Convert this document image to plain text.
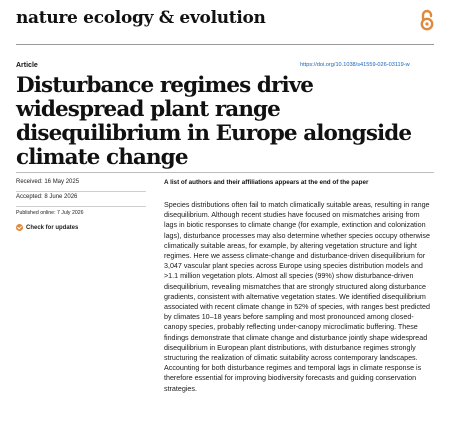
nature ecology & evolution
Article	https://doi.org/10.1038/s41559-026-03119-w
Disturbance regimes drive widespread plant range disequilibrium in Europe alongside climate change
Received: 16 May 2025
Accepted: 8 June 2026
Published online: 7 July 2026
Check for updates
A list of authors and their affiliations appears at the end of the paper

Species distributions often fail to match climatically suitable areas, resulting in range disequilibrium. Although recent studies have focused on mismatches arising from lags in biotic responses to climate change (for example, extinction and colonization lags), disturbance processes may also determine whether species occupy otherwise climatically suitable areas, for example, by altering vegetation structure and light regimes. Here we assess climate-change and disturbance-driven disequilibrium for 3,047 vascular plant species across Europe using species distribution models and >1.1 million vegetation plots. Almost all species (99%) show disturbance-driven disequilibrium, revealing mismatches that are strongly structured along disturbance gradients, consistent with alternative vegetation states. We identified disequilibrium associated with recent climate change in 52% of species, with ranges best predicted by climates 10–18 years before sampling and most pronounced among closed-canopy species, probably reflecting under-canopy microclimatic buffering. These findings demonstrate that climate change and disturbance jointly shape widespread disequilibrium in European plant distributions, with disturbance regimes strongly structuring the realization of climatic suitability across contemporary landscapes. Accounting for both disturbance regimes and temporal lags in climate response is therefore essential for improving biodiversity forecasts and guiding conservation strategies.
